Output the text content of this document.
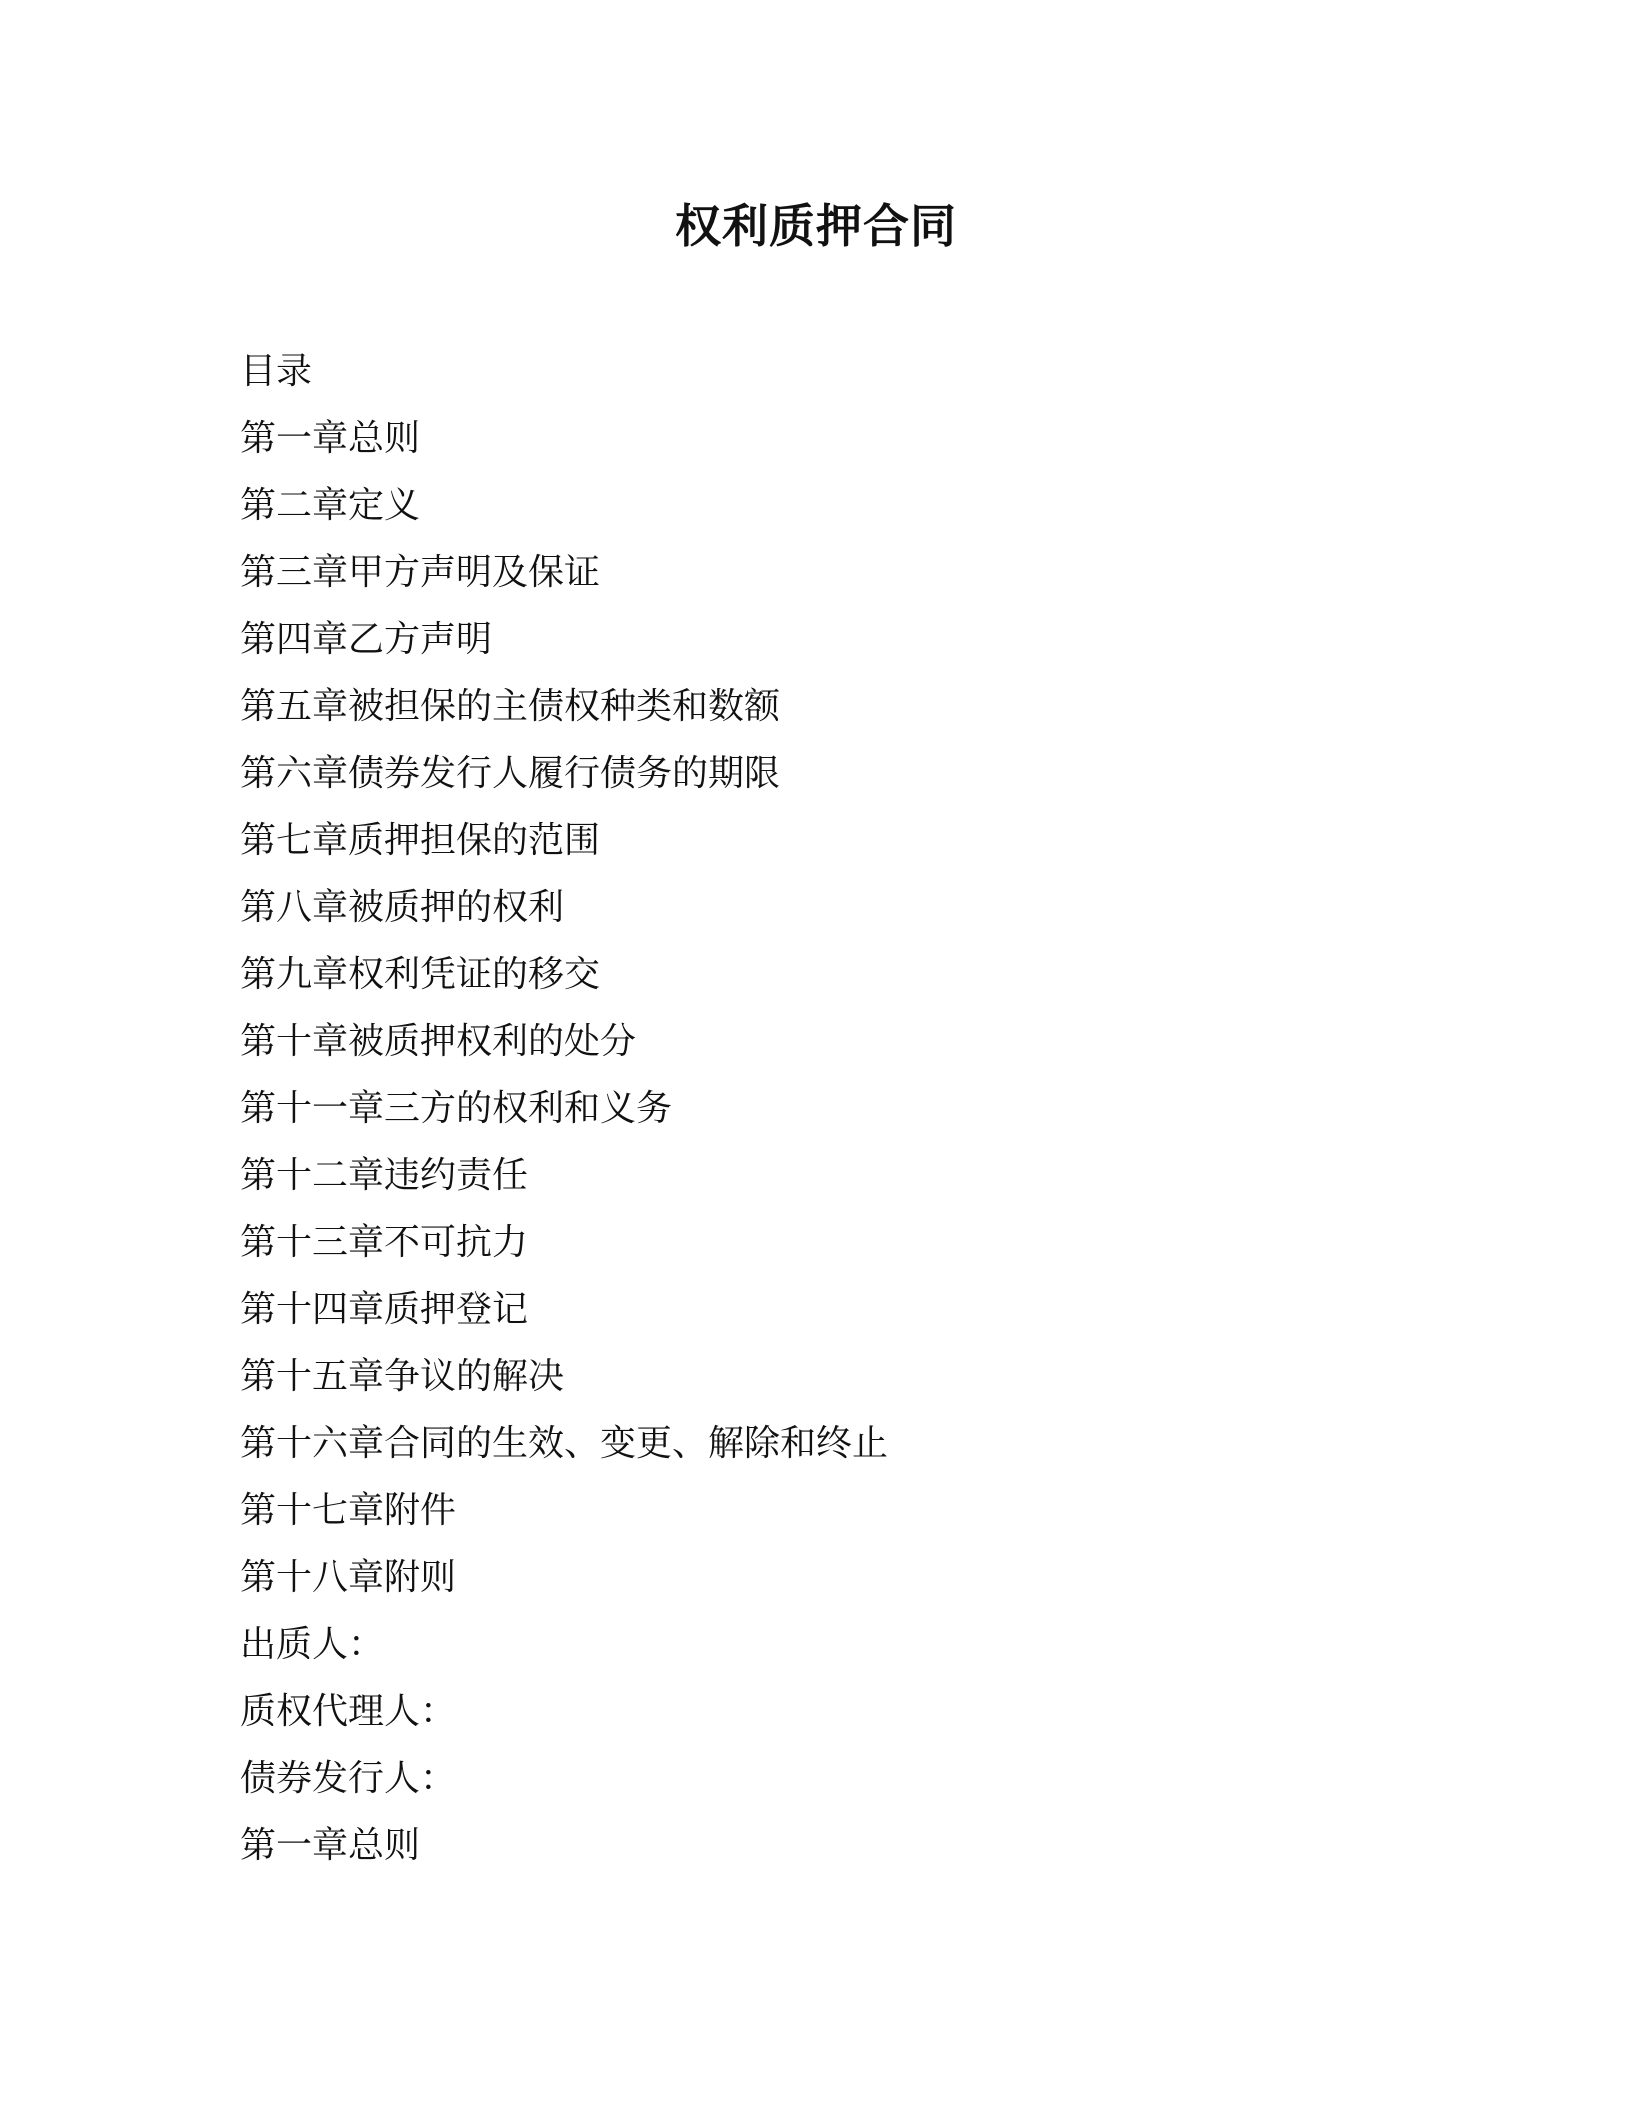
权利质押合同
目录
第一章总则
第二章定义
第三章甲方声明及保证
第四章乙方声明
第五章被担保的主债权种类和数额
第六章债券发行人履行债务的期限
第七章质押担保的范围
第八章被质押的权利
第九章权利凭证的移交
第十章被质押权利的处分
第十一章三方的权利和义务
第十二章违约责任
第十三章不可抗力
第十四章质押登记
第十五章争议的解决
第十六章合同的生效、变更、解除和终止
第十七章附件
第十八章附则
出质人：
质权代理人：
债券发行人：
第一章总则
